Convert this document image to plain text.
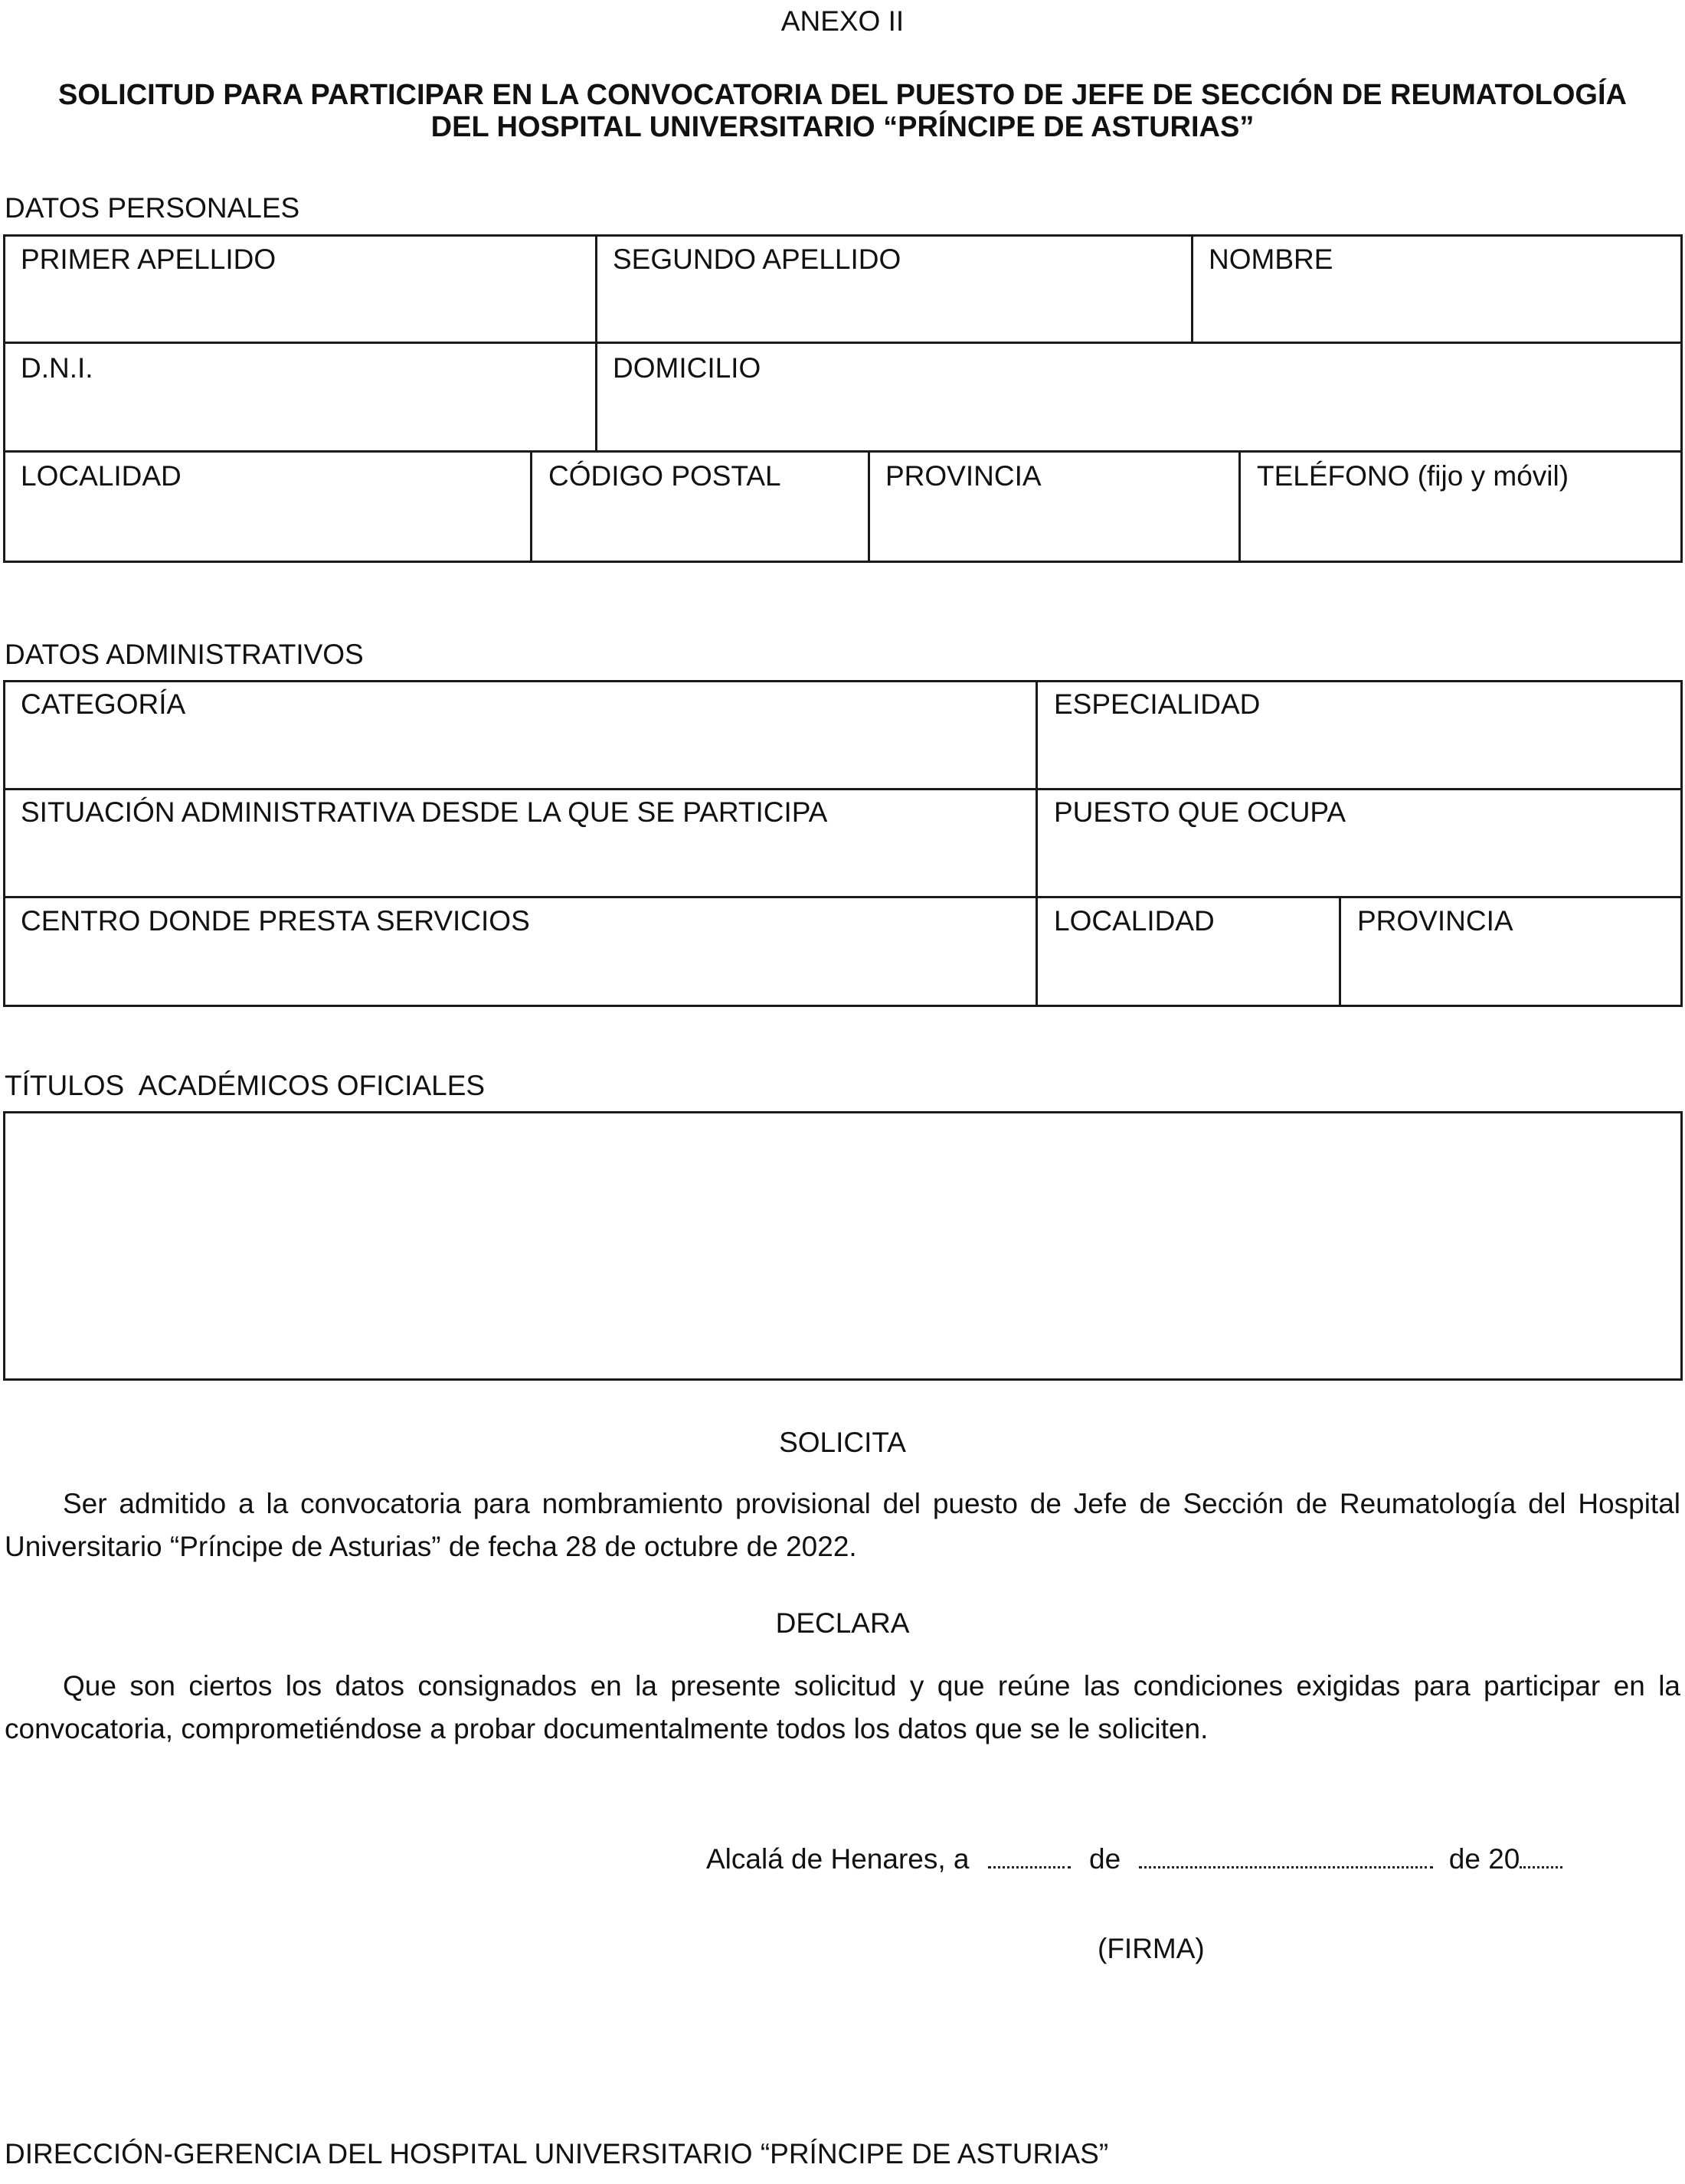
ANEXO II
SOLICITUD PARA PARTICIPAR EN LA CONVOCATORIA DEL PUESTO DE JEFE DE SECCIÓN DE REUMATOLOGÍA
DEL HOSPITAL UNIVERSITARIO “PRÍNCIPE DE ASTURIAS”
DATOS PERSONALES
PRIMER APELLIDO	SEGUNDO APELLIDO	NOMBRE
D.N.I.	DOMICILIO
LOCALIDAD	CÓDIGO POSTAL	PROVINCIA	TELÉFONO (fijo y móvil)
DATOS ADMINISTRATIVOS
CATEGORÍA	ESPECIALIDAD
SITUACIÓN ADMINISTRATIVA DESDE LA QUE SE PARTICIPA	PUESTO QUE OCUPA
CENTRO DONDE PRESTA SERVICIOS	LOCALIDAD	PROVINCIA
TÍTULOS  ACADÉMICOS OFICIALES
SOLICITA
Ser admitido a la convocatoria para nombramiento provisional del puesto de Jefe de Sección de Reumatología del Hospital Universitario “Príncipe de Asturias” de fecha 28 de octubre de 2022.
DECLARA
Que son ciertos los datos consignados en la presente solicitud y que reúne las condiciones exigidas para participar en la convocatoria, comprometiéndose a probar documentalmente todos los datos que se le soliciten.
Alcalá de Henares, a	de	de 20
(FIRMA)
DIRECCIÓN-GERENCIA DEL HOSPITAL UNIVERSITARIO “PRÍNCIPE DE ASTURIAS”
